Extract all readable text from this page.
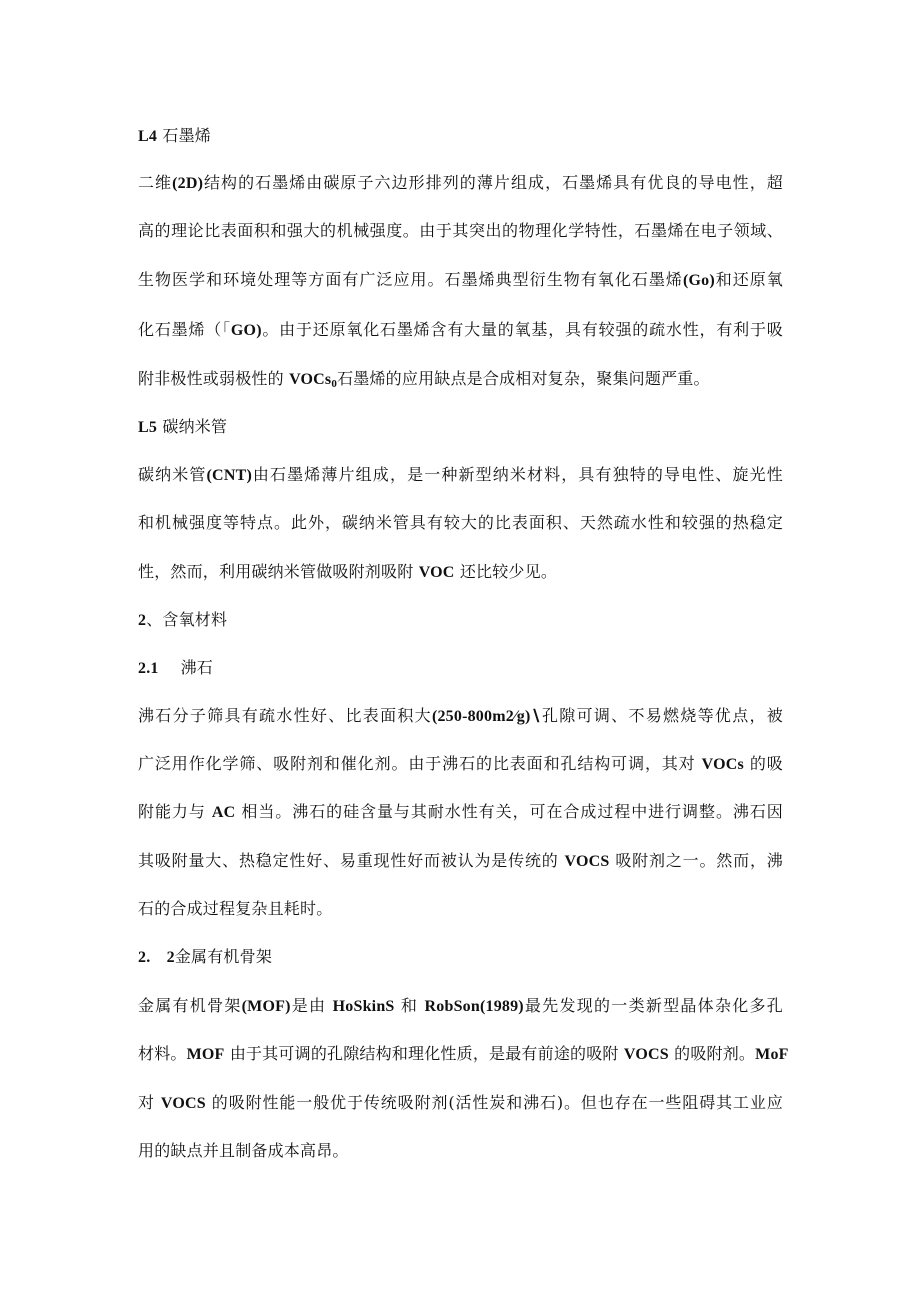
L4 石墨烯
二维(2D)结构的石墨烯由碳原子六边形排列的薄片组成，石墨烯具有优良的导电性，超
高的理论比表面积和强大的机械强度。由于其突出的物理化学特性，石墨烯在电子领域、
生物医学和环境处理等方面有广泛应用。石墨烯典型衍生物有氧化石墨烯(Go)和还原氧
化石墨烯（「GO)。由于还原氧化石墨烯含有大量的氧基，具有较强的疏水性，有利于吸
附非极性或弱极性的 VOCs$_0$石墨烯的应用缺点是合成相对复杂，聚集问题严重。
L5 碳纳米管
碳纳米管(CNT)由石墨烯薄片组成，是一种新型纳米材料，具有独特的导电性、旋光性
和机械强度等特点。此外，碳纳米管具有较大的比表面积、天然疏水性和较强的热稳定
性，然而，利用碳纳米管做吸附剂吸附 VOC 还比较少见。
2、含氧材料
2.1 沸石
沸石分子筛具有疏水性好、比表面积大(250-800m2∕g)∖孔隙可调、不易燃烧等优点，被
广泛用作化学筛、吸附剂和催化剂。由于沸石的比表面和孔结构可调，其对 VOCs 的吸
附能力与 AC 相当。沸石的硅含量与其耐水性有关，可在合成过程中进行调整。沸石因
其吸附量大、热稳定性好、易重现性好而被认为是传统的 VOCS 吸附剂之一。然而，沸
石的合成过程复杂且耗时。
2.　2金属有机骨架
金属有机骨架(MOF)是由 HoSkinS 和 RobSon(1989)最先发现的一类新型晶体杂化多孔
材料。MOF 由于其可调的孔隙结构和理化性质，是最有前途的吸附 VOCS 的吸附剂。MoF
对 VOCS 的吸附性能一般优于传统吸附剂(活性炭和沸石)。但也存在一些阻碍其工业应
用的缺点并且制备成本高昂。
